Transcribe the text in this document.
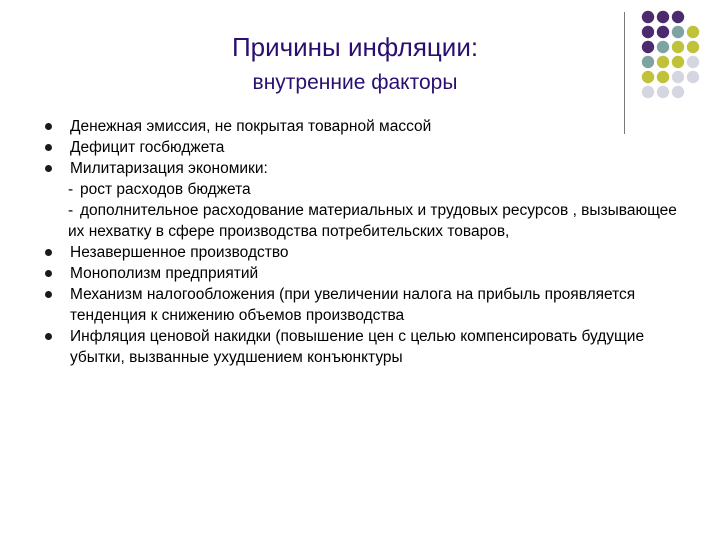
Причины инфляции:
внутренние факторы
Денежная эмиссия, не покрытая товарной массой
Дефицит госбюджета
Милитаризация экономики:
- рост расходов бюджета
- дополнительное расходование материальных и трудовых ресурсов , вызывающее их нехватку в сфере производства потребительских товаров,
Незавершенное производство
Монополизм предприятий
Механизм налогообложения (при увеличении налога на прибыль проявляется тенденция к снижению объемов производства
Инфляция ценовой накидки (повышение цен с целью компенсировать будущие убытки, вызванные ухудшением конъюнктуры
